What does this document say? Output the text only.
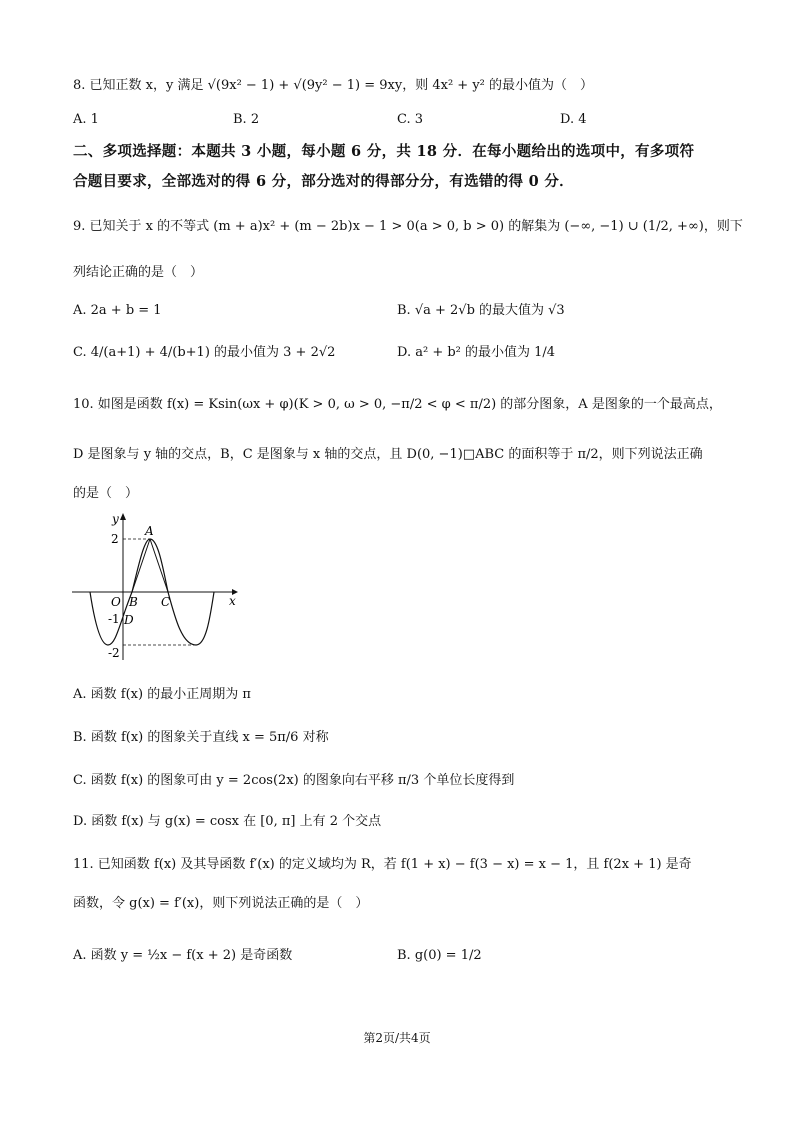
8. 已知正数 x，y 满足 √(9x² − 1) + √(9y² − 1) = 9xy，则 4x² + y² 的最小值为（　）
A. 1	B. 2	C. 3	D. 4
二、多项选择题：本题共 3 小题，每小题 6 分，共 18 分．在每小题给出的选项中，有多项符
合题目要求，全部选对的得 6 分，部分选对的得部分分，有选错的得 0 分．
9. 已知关于 x 的不等式 (m + a)x² + (m − 2b)x − 1 > 0(a > 0, b > 0) 的解集为 (−∞, −1) ∪ (1/2, +∞)，则下
列结论正确的是（　）
A. 2a + b = 1	B. √a + 2√b 的最大值为 √3
C. 4/(a+1) + 4/(b+1) 的最小值为 3 + 2√2	D. a² + b² 的最小值为 1/4
10. 如图是函数 f(x) = Ksin(ωx + φ)(K > 0, ω > 0, −π/2 < φ < π/2) 的部分图象，A 是图象的一个最高点，
D 是图象与 y 轴的交点，B，C 是图象与 x 轴的交点，且 D(0, −1)□ABC 的面积等于 π/2，则下列说法正确
的是（　）
y
x
A
2
O B C
-1 D
-2
A. 函数 f(x) 的最小正周期为 π
B. 函数 f(x) 的图象关于直线 x = 5π/6 对称
C. 函数 f(x) 的图象可由 y = 2cos(2x) 的图象向右平移 π/3 个单位长度得到
D. 函数 f(x) 与 g(x) = cosx 在 [0, π] 上有 2 个交点
11. 已知函数 f(x) 及其导函数 f′(x) 的定义域均为 R，若 f(1 + x) − f(3 − x) = x − 1，且 f(2x + 1) 是奇
函数，令 g(x) = f′(x)，则下列说法正确的是（　）
A. 函数 y = ½x − f(x + 2) 是奇函数	B. g(0) = 1/2
第2页/共4页
